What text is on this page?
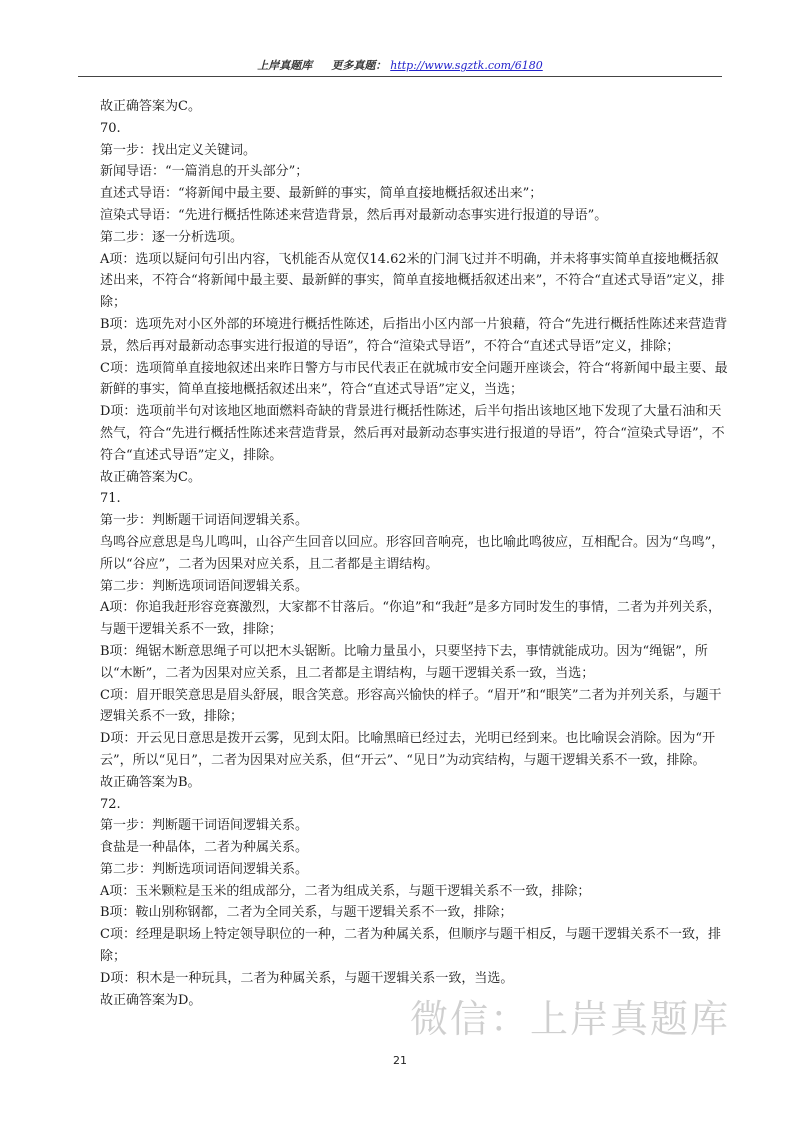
上岸真题库 更多真题： http://www.sgztk.com/6180

故正确答案为C。

70.

第一步：找出定义关键词。

新闻导语：“一篇消息的开头部分”；

直述式导语：“将新闻中最主要、最新鲜的事实，简单直接地概括叙述出来”；

渲染式导语：“先进行概括性陈述来营造背景，然后再对最新动态事实进行报道的导语”。

第二步：逐一分析选项。

A项：选项以疑问句引出内容，飞机能否从宽仅14.62米的门洞飞过并不明确，并未将事实简单直接地概括叙述出来，不符合“将新闻中最主要、最新鲜的事实，简单直接地概括叙述出来”，不符合“直述式导语”定义，排除；

B项：选项先对小区外部的环境进行概括性陈述，后指出小区内部一片狼藉，符合“先进行概括性陈述来营造背景，然后再对最新动态事实进行报道的导语”，符合“渲染式导语”，不符合“直述式导语”定义，排除；

C项：选项简单直接地叙述出来昨日警方与市民代表正在就城市安全问题开座谈会，符合“将新闻中最主要、最新鲜的事实，简单直接地概括叙述出来”，符合“直述式导语”定义，当选；

D项：选项前半句对该地区地面燃料奇缺的背景进行概括性陈述，后半句指出该地区地下发现了大量石油和天然气，符合“先进行概括性陈述来营造背景，然后再对最新动态事实进行报道的导语”，符合“渲染式导语”，不符合“直述式导语”定义，排除。

故正确答案为C。

71.

第一步：判断题干词语间逻辑关系。

鸟鸣谷应意思是鸟儿鸣叫，山谷产生回音以回应。形容回音响亮，也比喻此鸣彼应，互相配合。因为“鸟鸣”，所以“谷应”，二者为因果对应关系，且二者都是主谓结构。

第二步：判断选项词语间逻辑关系。

A项：你追我赶形容竞赛激烈，大家都不甘落后。“你追”和“我赶”是多方同时发生的事情，二者为并列关系，与题干逻辑关系不一致，排除；

B项：绳锯木断意思绳子可以把木头锯断。比喻力量虽小，只要坚持下去，事情就能成功。因为“绳锯”，所以“木断”，二者为因果对应关系，且二者都是主谓结构，与题干逻辑关系一致，当选；

C项：眉开眼笑意思是眉头舒展，眼含笑意。形容高兴愉快的样子。“眉开”和“眼笑”二者为并列关系，与题干逻辑关系不一致，排除；

D项：开云见日意思是拨开云雾，见到太阳。比喻黑暗已经过去，光明已经到来。也比喻误会消除。因为“开云”，所以“见日”，二者为因果对应关系，但“开云”、“见日”为动宾结构，与题干逻辑关系不一致，排除。

故正确答案为B。

72.

第一步：判断题干词语间逻辑关系。

食盐是一种晶体，二者为种属关系。

第二步：判断选项词语间逻辑关系。

A项：玉米颗粒是玉米的组成部分，二者为组成关系，与题干逻辑关系不一致，排除；

B项：鞍山别称钢都，二者为全同关系，与题干逻辑关系不一致，排除；

C项：经理是职场上特定领导职位的一种，二者为种属关系，但顺序与题干相反，与题干逻辑关系不一致，排除；

D项：积木是一种玩具，二者为种属关系，与题干逻辑关系一致，当选。

故正确答案为D。	微信：上岸真题库
21
